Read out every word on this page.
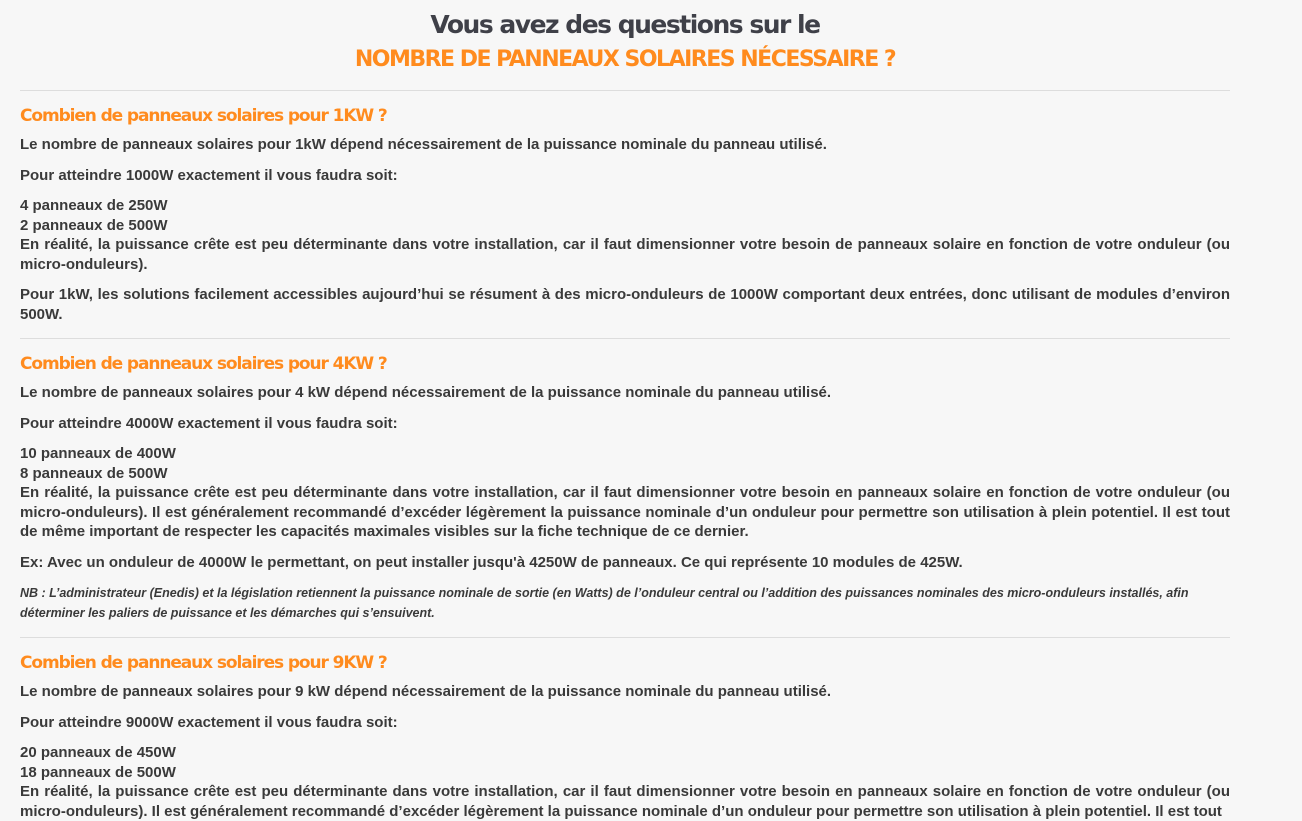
Vous avez des questions sur le
NOMBRE DE PANNEAUX SOLAIRES NÉCESSAIRE ?
Combien de panneaux solaires pour 1KW ?

Le nombre de panneaux solaires pour 1kW dépend nécessairement de la puissance nominale du panneau utilisé.

Pour atteindre 1000W exactement il vous faudra soit:

4 panneaux de 250W
2 panneaux de 500W

En réalité, la puissance crête est peu déterminante dans votre installation, car il faut dimensionner votre besoin de panneaux solaire en fonction de votre onduleur (ou micro-onduleurs).

Pour 1kW, les solutions facilement accessibles aujourd’hui se résument à des micro-onduleurs de 1000W comportant deux entrées, donc utilisant de modules d’environ 500W.

Combien de panneaux solaires pour 4KW ?

Le nombre de panneaux solaires pour 4 kW dépend nécessairement de la puissance nominale du panneau utilisé.

Pour atteindre 4000W exactement il vous faudra soit:

10 panneaux de 400W
8 panneaux de 500W

En réalité, la puissance crête est peu déterminante dans votre installation, car il faut dimensionner votre besoin en panneaux solaire en fonction de votre onduleur (ou micro-onduleurs). Il est généralement recommandé d’excéder légèrement la puissance nominale d’un onduleur pour permettre son utilisation à plein potentiel. Il est tout de même important de respecter les capacités maximales visibles sur la fiche technique de ce dernier.

Ex: Avec un onduleur de 4000W le permettant, on peut installer jusqu'à 4250W de panneaux. Ce qui représente 10 modules de 425W.

NB : L’administrateur (Enedis) et la législation retiennent la puissance nominale de sortie (en Watts) de l’onduleur central ou l’addition des puissances nominales des micro-onduleurs installés, afin déterminer les paliers de puissance et les démarches qui s’ensuivent.

Combien de panneaux solaires pour 9KW ?

Le nombre de panneaux solaires pour 9 kW dépend nécessairement de la puissance nominale du panneau utilisé.

Pour atteindre 9000W exactement il vous faudra soit:

20 panneaux de 450W
18 panneaux de 500W

En réalité, la puissance crête est peu déterminante dans votre installation, car il faut dimensionner votre besoin en panneaux solaire en fonction de votre onduleur (ou micro-onduleurs). Il est généralement recommandé d’excéder légèrement la puissance nominale d’un onduleur pour permettre son utilisation à plein potentiel. Il est tout
